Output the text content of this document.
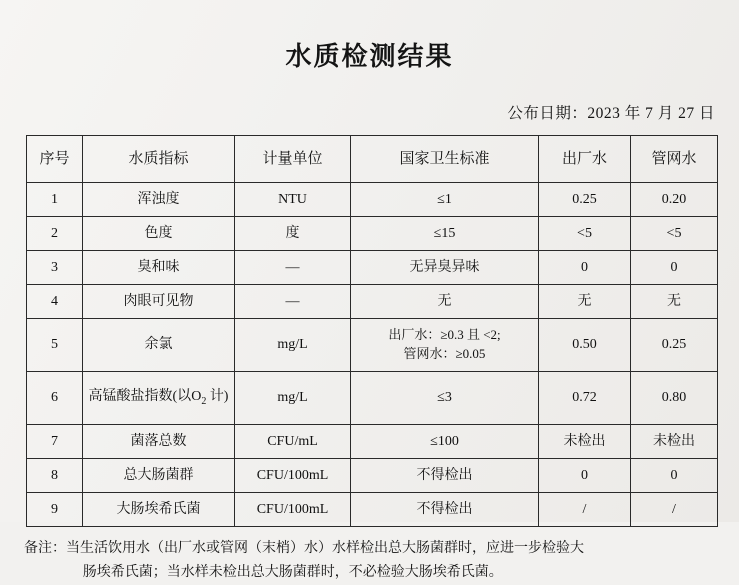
水质检测结果
公布日期：2023 年 7 月 27 日
序号	水质指标	计量单位	国家卫生标准	出厂水	管网水
1	浑浊度	NTU	≤1	0.25	0.20
2	色度	度	≤15	<5	<5
3	臭和味	—	无异臭异味	0	0
4	肉眼可见物	—	无	无	无
5	余氯	mg/L	出厂水：≥0.3 且 <2;
管网水：≥0.05	0.50	0.25
6	高锰酸盐指数(以$O_2$ 计)	mg/L	≤3	0.72	0.80
7	菌落总数	CFU/mL	≤100	未检出	未检出
8	总大肠菌群	CFU/100mL	不得检出	0	0
9	大肠埃希氏菌	CFU/100mL	不得检出	/	/
备注：当生活饮用水（出厂水或管网（末梢）水）水样检出总大肠菌群时，应进一步检验大
肠埃希氏菌；当水样未检出总大肠菌群时，不必检验大肠埃希氏菌。
